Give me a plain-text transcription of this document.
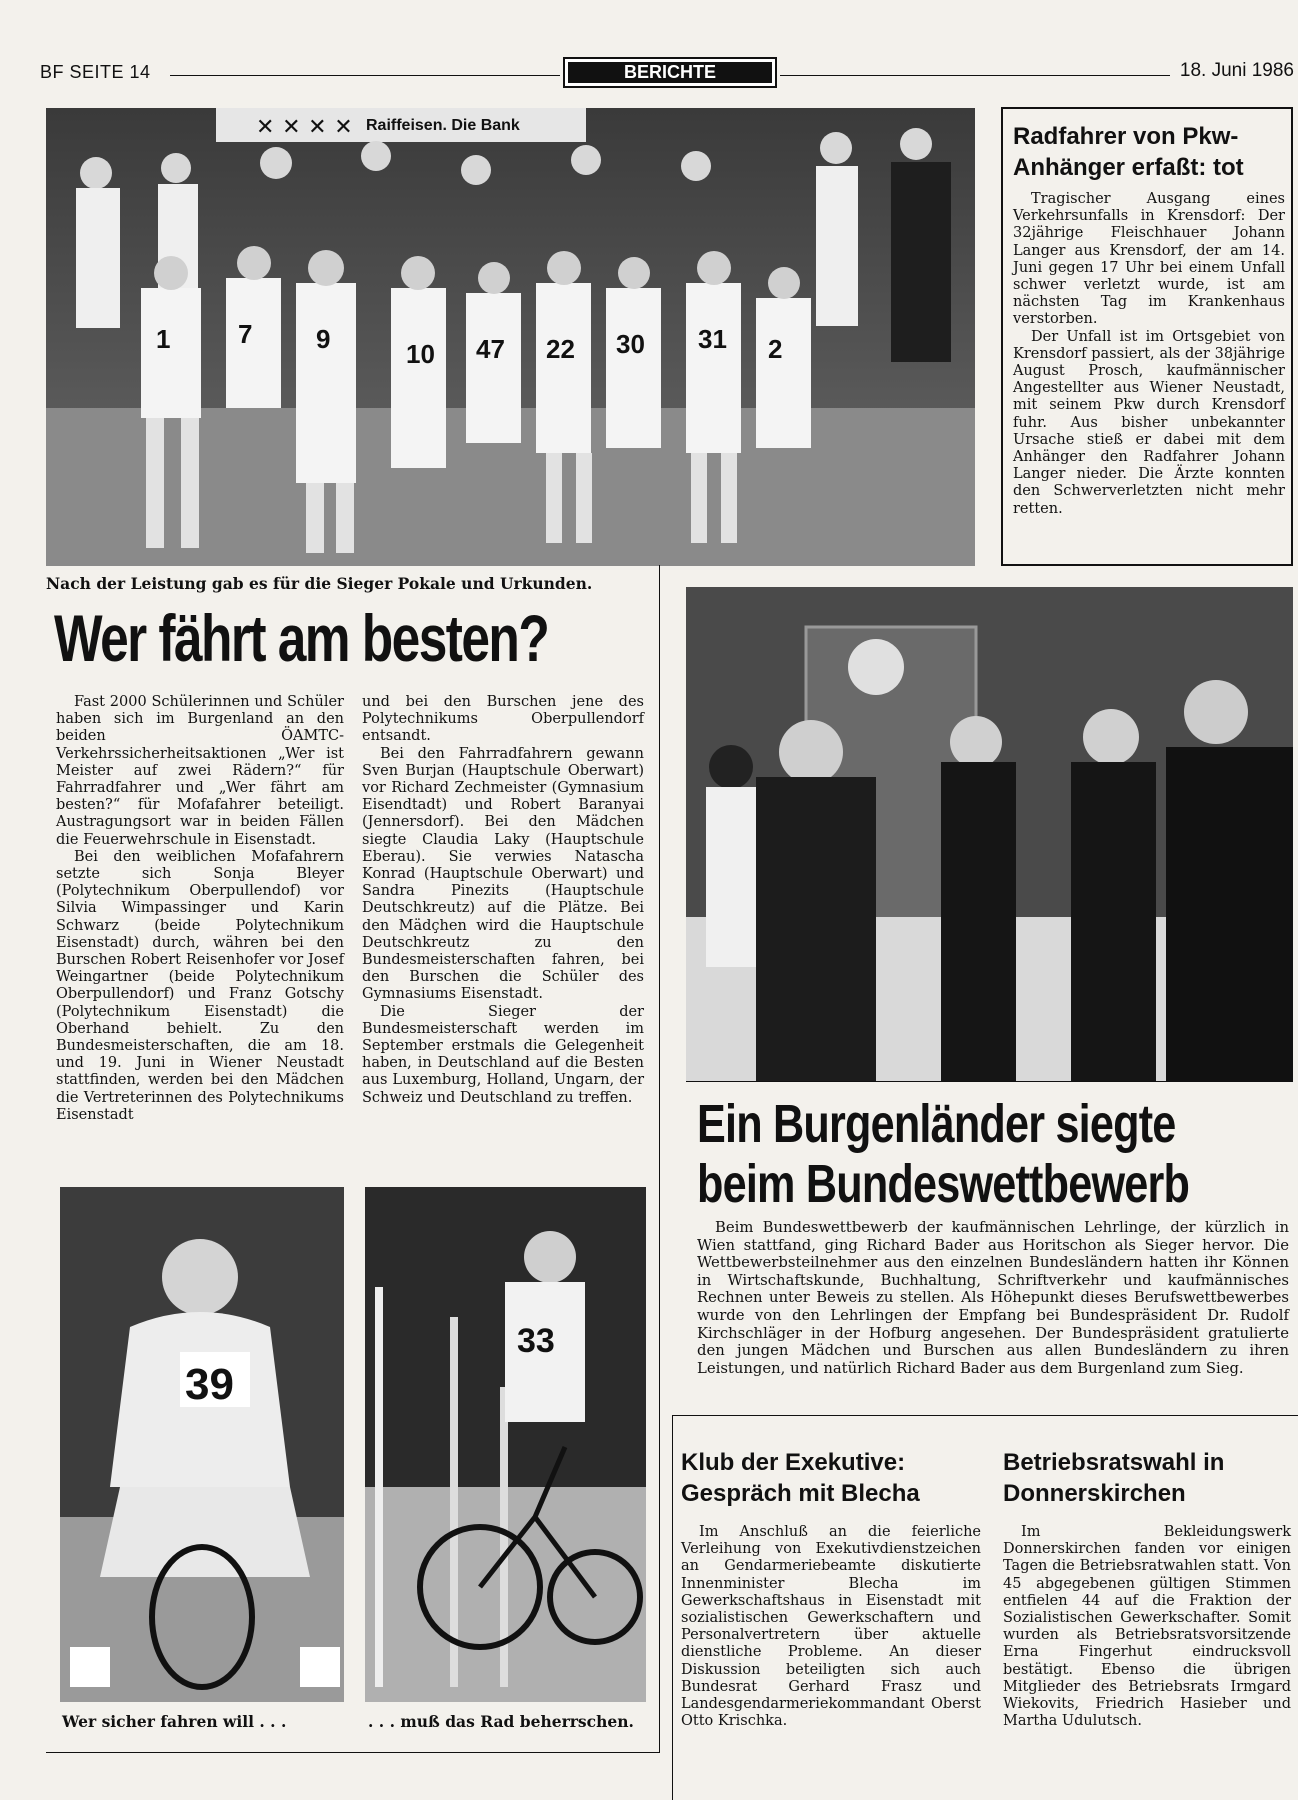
BF SEITE 14	BERICHTE	18. Juni 1986
✕ ✕ ✕ ✕ Raiffeisen. Die Bank
1	7 9	10 47 22 30 31 2
Nach der Leistung gab es für die Sieger Pokale und Urkunden.
Radfahrer von Pkw-Anhänger erfaßt: tot

Tragischer Ausgang eines Verkehrsunfalls in Krensdorf: Der 32jährige Fleischhauer Johann Langer aus Krensdorf, der am 14. Juni gegen 17 Uhr bei einem Unfall schwer verletzt wurde, ist am nächsten Tag im Krankenhaus verstorben.

Der Unfall ist im Ortsgebiet von Krensdorf passiert, als der 38jährige August Prosch, kaufmännischer Angestellter aus Wiener Neustadt, mit seinem Pkw durch Krensdorf fuhr. Aus bisher unbekannter Ursache stieß er dabei mit dem Anhänger den Radfahrer Johann Langer nieder. Die Ärzte konnten den Schwerverletzten nicht mehr retten.

Wer fährt am besten?

Fast 2000 Schülerinnen und Schüler haben sich im Burgenland an den beiden ÖAMTC-Verkehrssicherheitsaktionen „Wer ist Meister auf zwei Rädern?“ für Fahrradfahrer und „Wer fährt am besten?“ für Mofafahrer beteiligt. Austragungsort war in beiden Fällen die Feuerwehrschule in Eisenstadt.

Bei den weiblichen Mofafahrern setzte sich Sonja Bleyer (Polytechnikum Oberpullendof) vor Silvia Wimpassinger und Karin Schwarz (beide Polytechnikum Eisenstadt) durch, währen bei den Burschen Robert Reisenhofer vor Josef Weingartner (beide Polytechnikum Oberpullendorf) und Franz Gotschy (Polytechnikum Eisenstadt) die Oberhand behielt. Zu den Bundesmeisterschaften, die am 18. und 19. Juni in Wiener Neustadt stattfinden, werden bei den Mädchen die Vertreterinnen des Polytechnikums Eisenstadt

und bei den Burschen jene des Polytechnikums Oberpullendorf entsandt.

Bei den Fahrradfahrern gewann Sven Burjan (Hauptschule Oberwart) vor Richard Zechmeister (Gymnasium Eisendtadt) und Robert Baranyai (Jennersdorf). Bei den Mädchen siegte Claudia Laky (Hauptschule Eberau). Sie verwies Natascha Konrad (Hauptschule Oberwart) und Sandra Pinezits (Hauptschule Deutschkreutz) auf die Plätze. Bei den Mädçhen wird die Hauptschule Deutschkreutz zu den Bundesmeisterschaften fahren, bei den Burschen die Schüler des Gymnasiums Eisenstadt.

Die Sieger der Bundesmeisterschaft werden im September erstmals die Gelegenheit haben, in Deutschland auf die Besten aus Luxemburg, Holland, Ungarn, der Schweiz und Deutschland zu treffen.

39
Wer sicher fahren will . . .
33
. . . muß das Rad beherrschen.
Ein Burgenländer siegte
beim Bundeswettbewerb

Beim Bundeswettbewerb der kaufmännischen Lehrlinge, der kürzlich in Wien stattfand, ging Richard Bader aus Horitschon als Sieger hervor. Die Wettbewerbsteilnehmer aus den einzelnen Bundesländern hatten ihr Können in Wirtschaftskunde, Buchhaltung, Schriftverkehr und kaufmännisches Rechnen unter Beweis zu stellen. Als Höhepunkt dieses Berufswettbewerbes wurde von den Lehrlingen der Empfang bei Bundespräsident Dr. Rudolf Kirchschläger in der Hofburg angesehen. Der Bundespräsident gratulierte den jungen Mädchen und Burschen aus allen Bundesländern zu ihren Leistungen, und natürlich Richard Bader aus dem Burgenland zum Sieg.

Klub der Exekutive: Gespräch mit Blecha

Im Anschluß an die feierliche Verleihung von Exekutivdienstzeichen an Gendarmeriebeamte diskutierte Innenminister Blecha im Gewerkschaftshaus in Eisenstadt mit sozialistischen Gewerkschaftern und Personalvertretern über aktuelle dienstliche Probleme. An dieser Diskussion beteiligten sich auch Bundesrat Gerhard Frasz und Landesgendarmeriekommandant Oberst Otto Krischka.

Betriebsratswahl in Donnerskirchen

Im Bekleidungswerk Donnerskirchen fanden vor einigen Tagen die Betriebsratwahlen statt. Von 45 abgegebenen gültigen Stimmen entfielen 44 auf die Fraktion der Sozialistischen Gewerkschafter. Somit wurden als Betriebsratsvorsitzende Erna Fingerhut eindrucksvoll bestätigt. Ebenso die übrigen Mitglieder des Betriebsrats Irmgard Wiekovits, Friedrich Hasieber und Martha Udulutsch.
